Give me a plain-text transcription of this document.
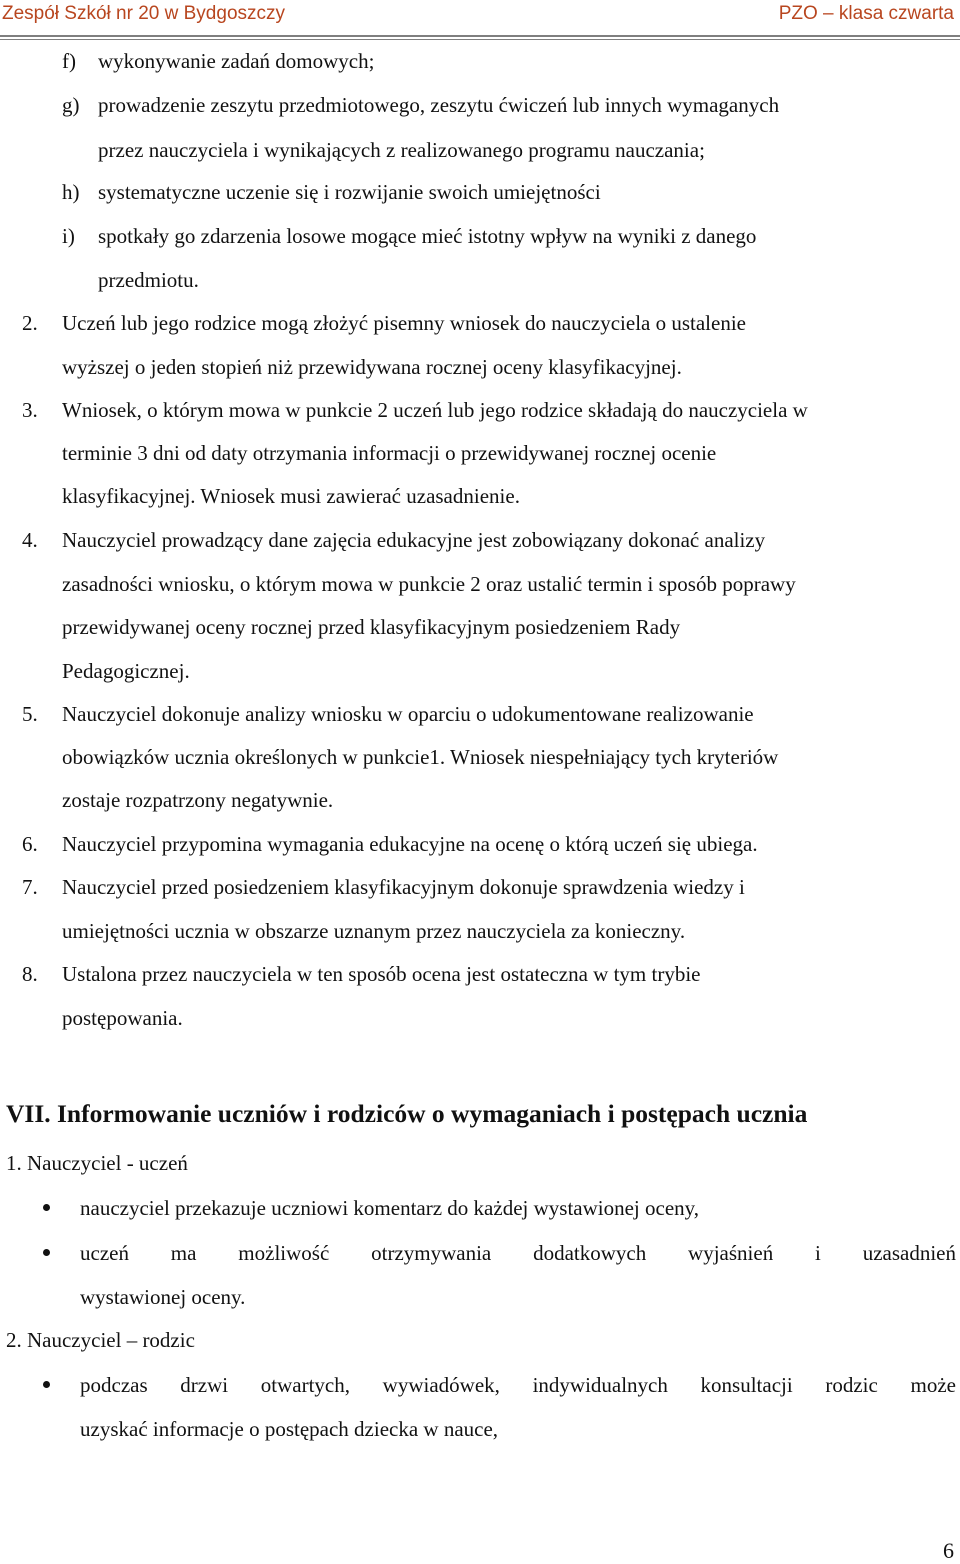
Zespół Szkół nr 20 w Bydgoszczy	PZO – klasa czwarta
f) wykonywanie zadań domowych;
g) prowadzenie zeszytu przedmiotowego, zeszytu ćwiczeń lub innych wymaganych
przez nauczyciela i wynikających z realizowanego programu nauczania;
h) systematyczne uczenie się i rozwijanie swoich umiejętności
i) spotkały go zdarzenia losowe mogące mieć istotny wpływ na wyniki z danego
przedmiotu.
2. Uczeń lub jego rodzice mogą złożyć pisemny wniosek do nauczyciela o ustalenie
wyższej o jeden stopień niż przewidywana rocznej oceny klasyfikacyjnej.
3. Wniosek, o którym mowa w punkcie 2 uczeń lub jego rodzice składają do nauczyciela w
terminie 3 dni od daty otrzymania informacji o przewidywanej rocznej ocenie
klasyfikacyjnej. Wniosek musi zawierać uzasadnienie.
4. Nauczyciel prowadzący dane zajęcia edukacyjne jest zobowiązany dokonać analizy
zasadności wniosku, o którym mowa w punkcie 2 oraz ustalić termin i sposób poprawy
przewidywanej oceny rocznej przed klasyfikacyjnym posiedzeniem Rady
Pedagogicznej.
5. Nauczyciel dokonuje analizy wniosku w oparciu o udokumentowane realizowanie
obowiązków ucznia określonych w punkcie1. Wniosek niespełniający tych kryteriów
zostaje rozpatrzony negatywnie.
6. Nauczyciel przypomina wymagania edukacyjne na ocenę o którą uczeń się ubiega.
7. Nauczyciel przed posiedzeniem klasyfikacyjnym dokonuje sprawdzenia wiedzy i
umiejętności ucznia w obszarze uznanym przez nauczyciela za konieczny.
8. Ustalona przez nauczyciela w ten sposób ocena jest ostateczna w tym trybie
postępowania.
VII. Informowanie uczniów i rodziców o wymaganiach i postępach ucznia
1. Nauczyciel - uczeń
nauczyciel przekazuje uczniowi komentarz do każdej wystawionej oceny,
uczeń ma możliwość otrzymywania dodatkowych wyjaśnień i uzasadnień
wystawionej oceny.
2. Nauczyciel – rodzic
podczas drzwi otwartych, wywiadówek, indywidualnych konsultacji rodzic może
uzyskać informacje o postępach dziecka w nauce,
6
